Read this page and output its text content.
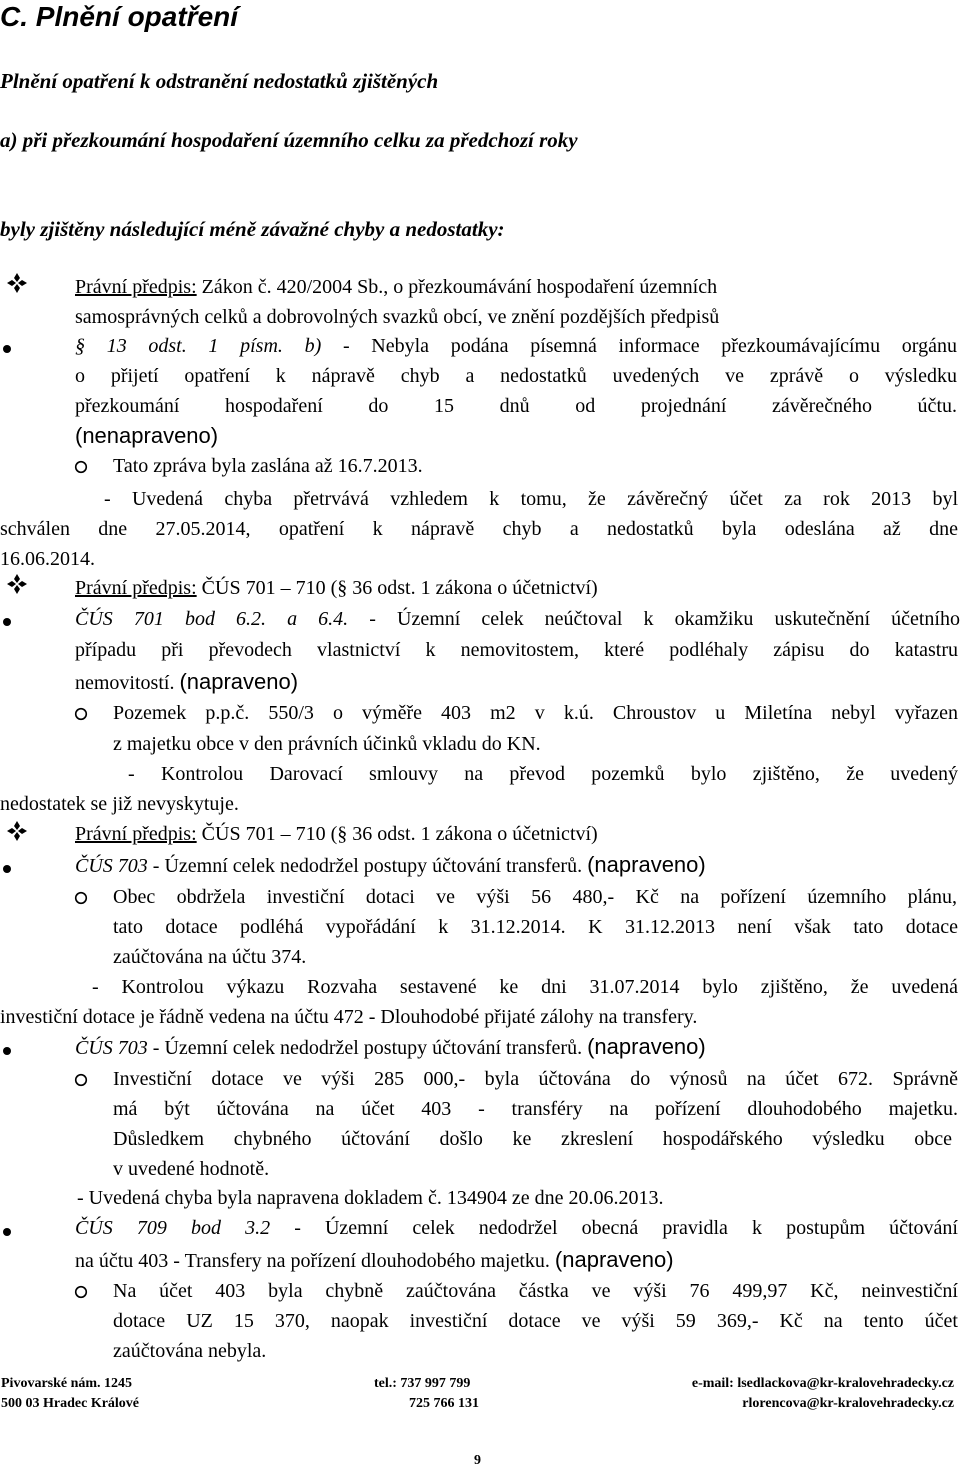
C. Plnění opatření
Plnění opatření k odstranění nedostatků zjištěných
a) při přezkoumání hospodaření územního celku za předchozí roky
byly zjištěny následující méně závažné chyby a nedostatky:
Právní předpis: Zákon č. 420/2004 Sb., o přezkoumávání hospodaření územních
samosprávných celků a dobrovolných svazků obcí, ve znění pozdějších předpisů
§ 13 odst. 1 písm. b) - Nebyla podána písemná informace přezkoumávajícímu orgánu
o přijetí opatření k nápravě chyb a nedostatků uvedených ve zprávě o výsledku
přezkoumání hospodaření do 15 dnů od projednání závěrečného účtu.
(nenapraveno)
Tato zpráva byla zaslána až 16.7.2013.
- Uvedená chyba přetrvává vzhledem k tomu, že závěrečný účet za rok 2013 byl
schválen dne 27.05.2014, opatření k nápravě chyb a nedostatků byla odeslána až dne
16.06.2014.
Právní předpis: ČÚS 701 – 710 (§ 36 odst. 1 zákona o účetnictví)
ČÚS 701 bod 6.2. a 6.4. - Územní celek neúčtoval k okamžiku uskutečnění účetního
případu při převodech vlastnictví k nemovitostem, které podléhaly zápisu do katastru
nemovitostí. (napraveno)
Pozemek p.p.č. 550/3 o výměře 403 m2 v k.ú. Chroustov u Miletína nebyl vyřazen
z majetku obce v den právních účinků vkladu do KN.
- Kontrolou Darovací smlouvy na převod pozemků bylo zjištěno, že uvedený
nedostatek se již nevyskytuje.
Právní předpis: ČÚS 701 – 710 (§ 36 odst. 1 zákona o účetnictví)
ČÚS 703 - Územní celek nedodržel postupy účtování transferů. (napraveno)
Obec obdržela investiční dotaci ve výši 56 480,- Kč na pořízení územního plánu,
tato dotace podléhá vypořádání k 31.12.2014. K 31.12.2013 není však tato dotace
zaúčtována na účtu 374.
- Kontrolou výkazu Rozvaha sestavené ke dni 31.07.2014 bylo zjištěno, že uvedená
investiční dotace je řádně vedena na účtu 472 - Dlouhodobé přijaté zálohy na transfery.
ČÚS 703 - Územní celek nedodržel postupy účtování transferů. (napraveno)
Investiční dotace ve výši 285 000,- byla účtována do výnosů na účet 672. Správně
má být účtována na účet 403 - transféry na pořízení dlouhodobého majetku.
Důsledkem chybného účtování došlo ke zkreslení hospodářského výsledku obce
v uvedené hodnotě.
- Uvedená chyba byla napravena dokladem č. 134904 ze dne 20.06.2013.
ČÚS 709 bod 3.2 - Územní celek nedodržel obecná pravidla k postupům účtování
na účtu 403 - Transfery na pořízení dlouhodobého majetku. (napraveno)
Na účet 403 byla chybně zaúčtována částka ve výši 76 499,97 Kč, neinvestiční
dotace UZ 15 370, naopak investiční dotace ve výši 59 369,- Kč na tento účet
zaúčtována nebyla.
Pivovarské nám. 1245
500 03 Hradec Králové
tel.: 737 997 799
725 766 131
e-mail: lsedlackova@kr-kralovehradecky.cz
rlorencova@kr-kralovehradecky.cz
9
